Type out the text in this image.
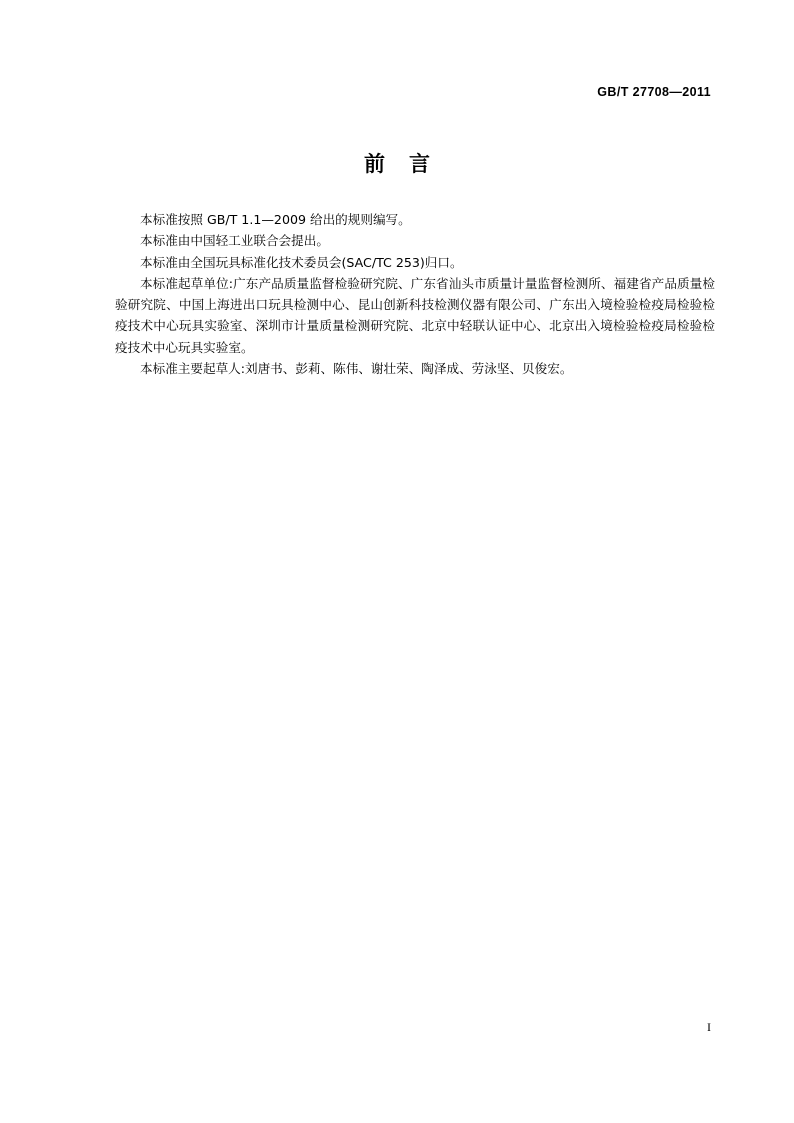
GB/T 27708—2011
前 言

本标准按照 GB/T 1.1—2009 给出的规则编写。

本标准由中国轻工业联合会提出。

本标准由全国玩具标准化技术委员会(SAC/TC 253)归口。

本标准起草单位:广东产品质量监督检验研究院、广东省汕头市质量计量监督检测所、福建省产品质量检验研究院、中国上海进出口玩具检测中心、昆山创新科技检测仪器有限公司、广东出入境检验检疫局检验检疫技术中心玩具实验室、深圳市计量质量检测研究院、北京中轻联认证中心、北京出入境检验检疫局检验检疫技术中心玩具实验室。

本标准主要起草人:刘唐书、彭莉、陈伟、谢壮荣、陶泽成、劳泳坚、贝俊宏。

I
